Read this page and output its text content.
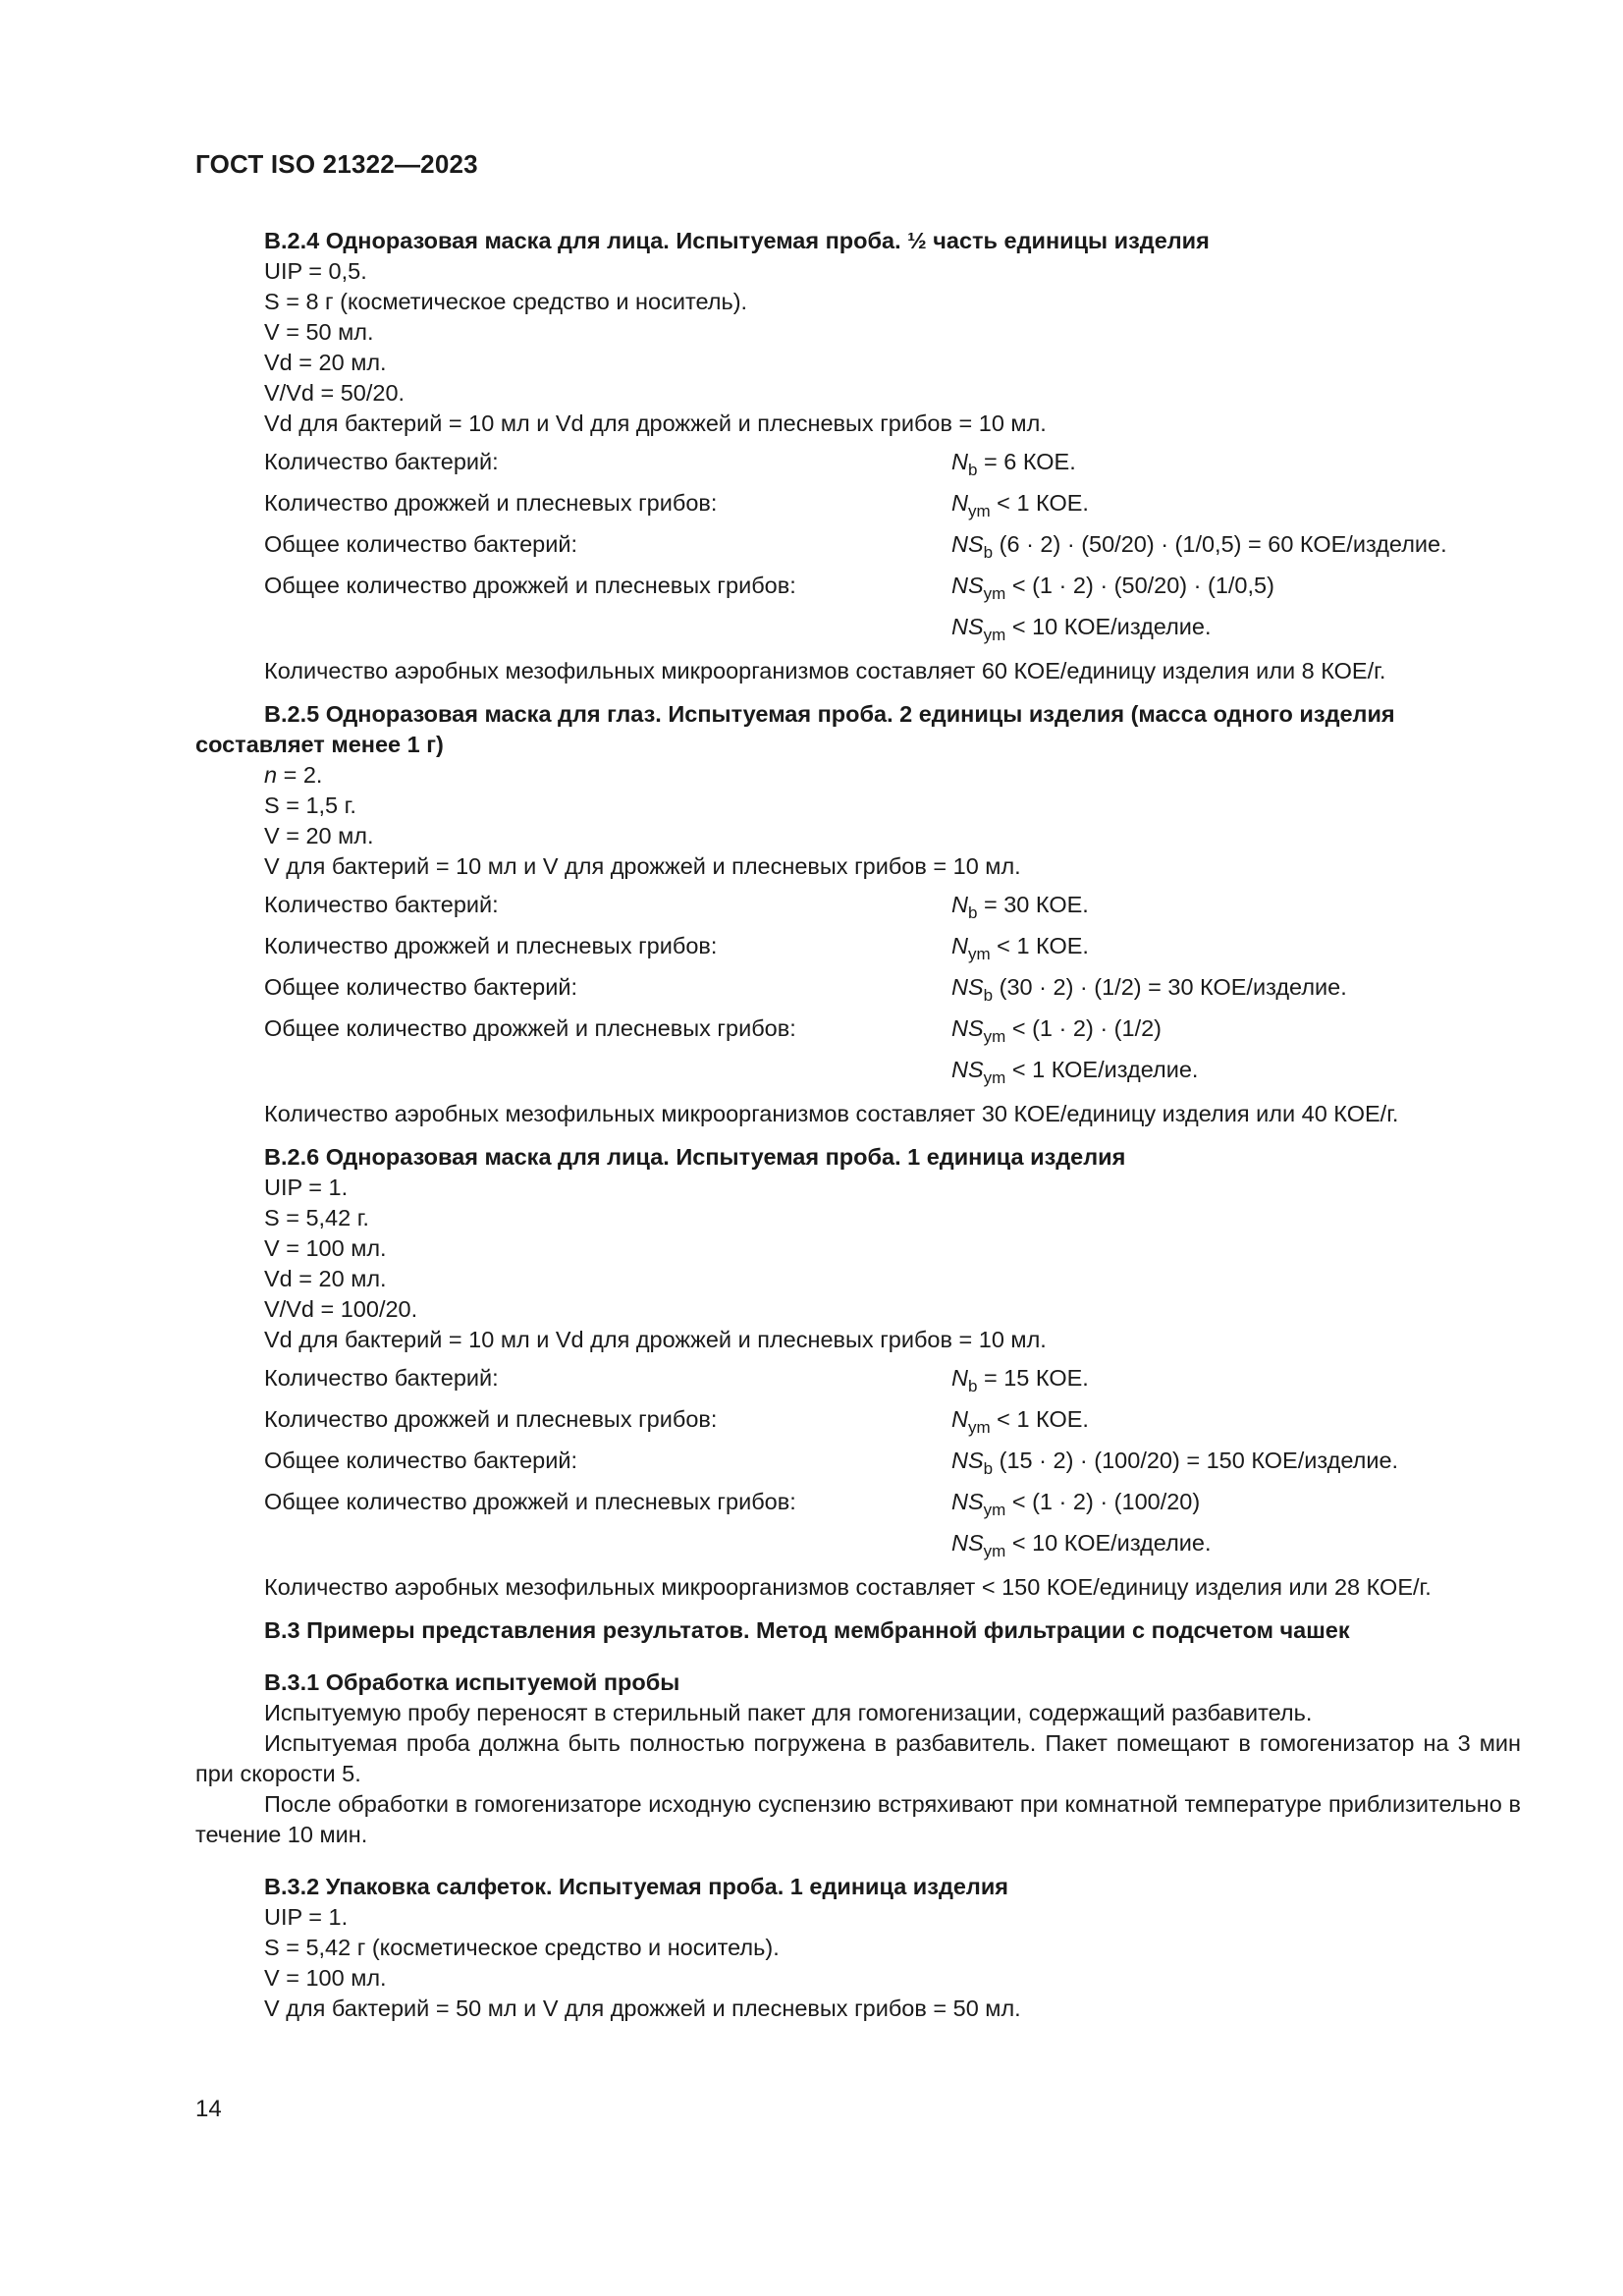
ГОСТ ISO 21322—2023
B.2.4 Одноразовая маска для лица. Испытуемая проба. ½ часть единицы изделия
UIP = 0,5.
S = 8 г (косметическое средство и носитель).
V = 50 мл.
Vd = 20 мл.
V/Vd = 50/20.
Vd для бактерий = 10 мл и Vd для дрожжей и плесневых грибов = 10 мл.
Количество бактерий:	$N_b = 6$ КОЕ.
Количество дрожжей и плесневых грибов:	$N_{ym} < 1$ КОЕ.
Общее количество бактерий:	$NS_b$ (6 · 2) · (50/20) · (1/0,5) = 60 КОЕ/изделие.
Общее количество дрожжей и плесневых грибов:	$NS_{ym} < (1 \cdot 2) \cdot (50/20) \cdot (1/0,5)$
$NS_{ym} < 10$ КОЕ/изделие.
Количество аэробных мезофильных микроорганизмов составляет 60 КОЕ/единицу изделия или 8 КОЕ/г.
B.2.5 Одноразовая маска для глаз. Испытуемая проба. 2 единицы изделия (масса одного изделия
составляет менее 1 г)
n = 2.
S = 1,5 г.
V = 20 мл.
V для бактерий = 10 мл и V для дрожжей и плесневых грибов = 10 мл.
Количество бактерий:	$N_b = 30$ КОЕ.
Количество дрожжей и плесневых грибов:	$N_{ym} < 1$ КОЕ.
Общее количество бактерий:	$NS_b$ (30 · 2) · (1/2) = 30 КОЕ/изделие.
Общее количество дрожжей и плесневых грибов:	$NS_{ym} < (1 \cdot 2) \cdot (1/2)$
$NS_{ym} < 1$ КОЕ/изделие.
Количество аэробных мезофильных микроорганизмов составляет 30 КОЕ/единицу изделия или 40 КОЕ/г.
B.2.6 Одноразовая маска для лица. Испытуемая проба. 1 единица изделия
UIP = 1.
S = 5,42 г.
V = 100 мл.
Vd = 20 мл.
V/Vd = 100/20.
Vd для бактерий = 10 мл и Vd для дрожжей и плесневых грибов = 10 мл.
Количество бактерий:	$N_b = 15$ КОЕ.
Количество дрожжей и плесневых грибов:	$N_{ym} < 1$ КОЕ.
Общее количество бактерий:	$NS_b$ (15 · 2) · (100/20) = 150 КОЕ/изделие.
Общее количество дрожжей и плесневых грибов:	$NS_{ym} < (1 \cdot 2) \cdot (100/20)$
$NS_{ym} < 10$ КОЕ/изделие.
Количество аэробных мезофильных микроорганизмов составляет < 150 КОЕ/единицу изделия или 28 КОЕ/г.
B.3 Примеры представления результатов. Метод мембранной фильтрации с подсчетом чашек
B.3.1 Обработка испытуемой пробы
Испытуемую пробу переносят в стерильный пакет для гомогенизации, содержащий разбавитель.
Испытуемая проба должна быть полностью погружена в разбавитель. Пакет помещают в гомогенизатор на 3 мин при скорости 5.
После обработки в гомогенизаторе исходную суспензию встряхивают при комнатной температуре приблизительно в течение 10 мин.
B.3.2 Упаковка салфеток. Испытуемая проба. 1 единица изделия
UIP = 1.
S = 5,42 г (косметическое средство и носитель).
V = 100 мл.
V для бактерий = 50 мл и V для дрожжей и плесневых грибов = 50 мл.
14
